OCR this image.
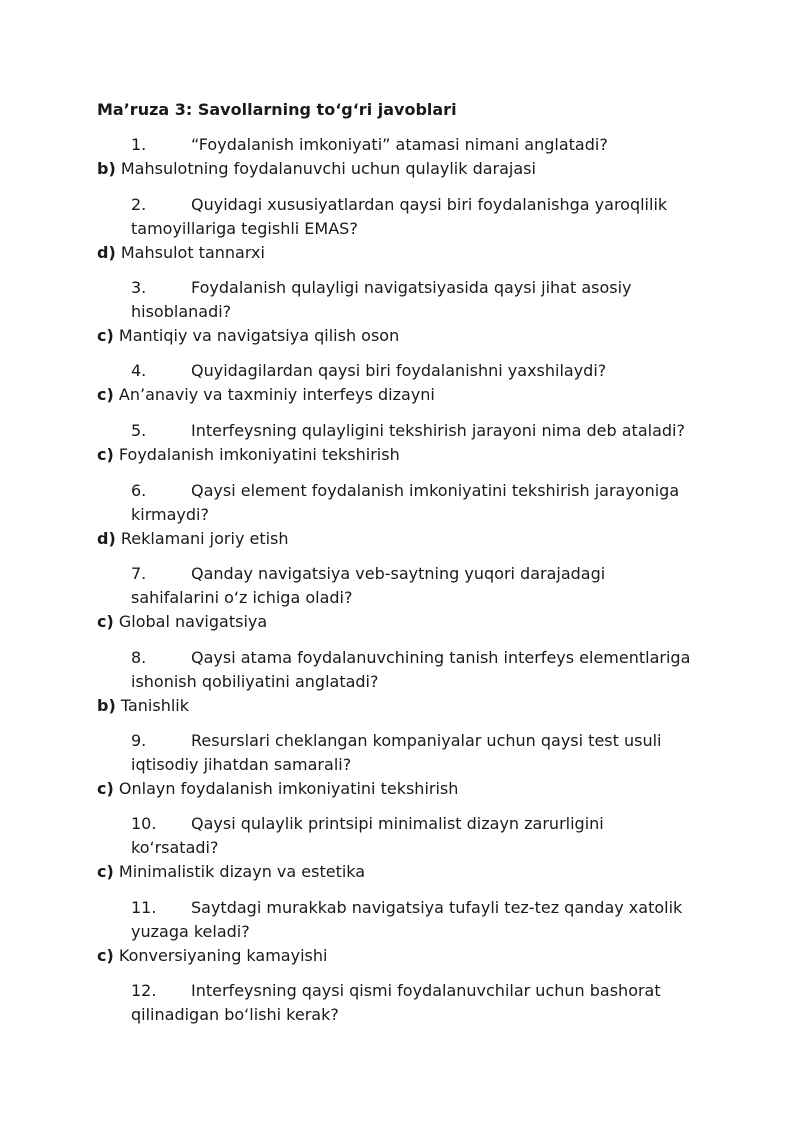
Ma’ruza 3: Savollarning to‘g‘ri javoblari
1.	“Foydalanish imkoniyati” atamasi nimani anglatadi?
b) Mahsulotning foydalanuvchi uchun qulaylik darajasi
2.	Quyidagi xususiyatlardan qaysi biri foydalanishga yaroqlilik
tamoyillariga tegishli EMAS?
d) Mahsulot tannarxi
3.	Foydalanish qulayligi navigatsiyasida qaysi jihat asosiy
hisoblanadi?
c) Mantiqiy va navigatsiya qilish oson
4.	Quyidagilardan qaysi biri foydalanishni yaxshilaydi?
c) An’anaviy va taxminiy interfeys dizayni
5.	Interfeysning qulayligini tekshirish jarayoni nima deb ataladi?
c) Foydalanish imkoniyatini tekshirish
6.	Qaysi element foydalanish imkoniyatini tekshirish jarayoniga
kirmaydi?
d) Reklamani joriy etish
7.	Qanday navigatsiya veb-saytning yuqori darajadagi
sahifalarini o‘z ichiga oladi?
c) Global navigatsiya
8.	Qaysi atama foydalanuvchining tanish interfeys elementlariga
ishonish qobiliyatini anglatadi?
b) Tanishlik
9.	Resurslari cheklangan kompaniyalar uchun qaysi test usuli
iqtisodiy jihatdan samarali?
c) Onlayn foydalanish imkoniyatini tekshirish
10.	Qaysi qulaylik printsipi minimalist dizayn zarurligini
ko‘rsatadi?
c) Minimalistik dizayn va estetika
11.	Saytdagi murakkab navigatsiya tufayli tez-tez qanday xatolik
yuzaga keladi?
c) Konversiyaning kamayishi
12.	Interfeysning qaysi qismi foydalanuvchilar uchun bashorat
qilinadigan bo‘lishi kerak?
